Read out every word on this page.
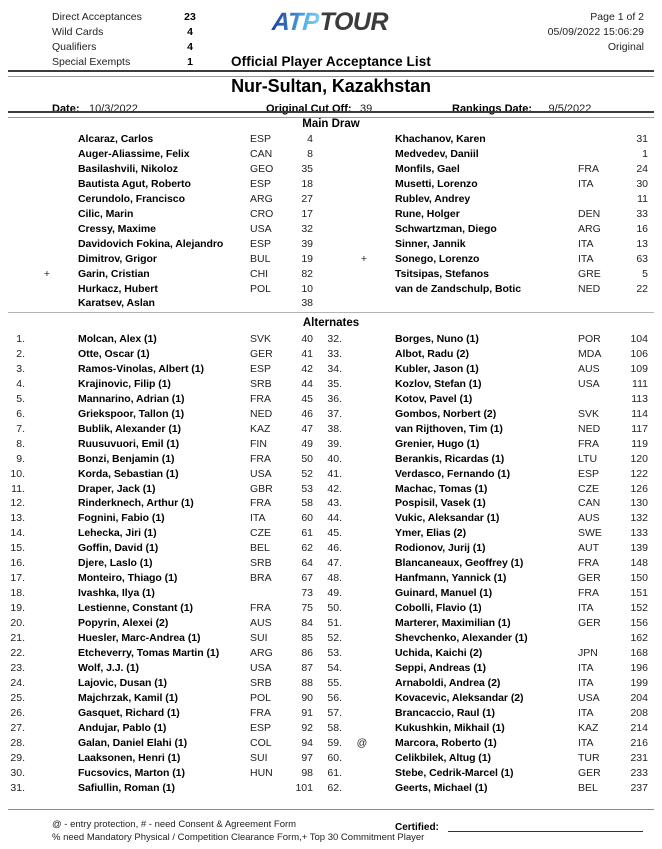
Direct Acceptances	23
Wild Cards	4
Qualifiers	4
Special Exempts	1
ATP TOUR	Page 1 of 2
05/09/2022 15:06:29
Original
Official Player Acceptance List
Nur-Sultan, Kazakhstan
Date: 10/3/2022	Original Cut Off: 39	Rankings Date: 9/5/2022
Main Draw
Alcaraz, Carlos	ESP	4
Auger-Aliassime, Felix	CAN	8
Basilashvili, Nikoloz	GEO	35
Bautista Agut, Roberto	ESP	18
Cerundolo, Francisco	ARG	27
Cilic, Marin	CRO	17
Cressy, Maxime	USA	32
Davidovich Fokina, Alejandro	ESP	39
Dimitrov, Grigor	BUL	19
+	Garin, Cristian	CHI	82
Hurkacz, Hubert	POL	10
Karatsev, Aslan	38
Khachanov, Karen	31
Medvedev, Daniil	1
Monfils, Gael	FRA	24
Musetti, Lorenzo	ITA	30
Rublev, Andrey	11
Rune, Holger	DEN	33
Schwartzman, Diego	ARG	16
Sinner, Jannik	ITA	13
+	Sonego, Lorenzo	ITA	63
Tsitsipas, Stefanos	GRE	5
van de Zandschulp, Botic	NED	22
Alternates
1.	Molcan, Alex (1)	SVK	40
2.	Otte, Oscar (1)	GER	41
3.	Ramos-Vinolas, Albert (1)	ESP	42
4.	Krajinovic, Filip (1)	SRB	44
5.	Mannarino, Adrian (1)	FRA	45
6.	Griekspoor, Tallon (1)	NED	46
7.	Bublik, Alexander (1)	KAZ	47
8.	Ruusuvuori, Emil (1)	FIN	49
9.	Bonzi, Benjamin (1)	FRA	50
10.	Korda, Sebastian (1)	USA	52
11.	Draper, Jack (1)	GBR	53
12.	Rinderknech, Arthur (1)	FRA	58
13.	Fognini, Fabio (1)	ITA	60
14.	Lehecka, Jiri (1)	CZE	61
15.	Goffin, David (1)	BEL	62
16.	Djere, Laslo (1)	SRB	64
17.	Monteiro, Thiago (1)	BRA	67
18.	Ivashka, Ilya (1)	73
19.	Lestienne, Constant (1)	FRA	75
20.	Popyrin, Alexei (2)	AUS	84
21.	Huesler, Marc-Andrea (1)	SUI	85
22.	Etcheverry, Tomas Martin (1)	ARG	86
23.	Wolf, J.J. (1)	USA	87
24.	Lajovic, Dusan (1)	SRB	88
25.	Majchrzak, Kamil (1)	POL	90
26.	Gasquet, Richard (1)	FRA	91
27.	Andujar, Pablo (1)	ESP	92
28.	Galan, Daniel Elahi (1)	COL	94
29.	Laaksonen, Henri (1)	SUI	97
30.	Fucsovics, Marton (1)	HUN	98
31.	Safiullin, Roman (1)	101
32.	Borges, Nuno (1)	POR	104
33.	Albot, Radu (2)	MDA	106
34.	Kubler, Jason (1)	AUS	109
35.	Kozlov, Stefan (1)	USA	111
36.	Kotov, Pavel (1)	113
37.	Gombos, Norbert (2)	SVK	114
38.	van Rijthoven, Tim (1)	NED	117
39.	Grenier, Hugo (1)	FRA	119
40.	Berankis, Ricardas (1)	LTU	120
41.	Verdasco, Fernando (1)	ESP	122
42.	Machac, Tomas (1)	CZE	126
43.	Pospisil, Vasek (1)	CAN	130
44.	Vukic, Aleksandar (1)	AUS	132
45.	Ymer, Elias (2)	SWE	133
46.	Rodionov, Jurij (1)	AUT	139
47.	Blancaneaux, Geoffrey (1)	FRA	148
48.	Hanfmann, Yannick (1)	GER	150
49.	Guinard, Manuel (1)	FRA	151
50.	Cobolli, Flavio (1)	ITA	152
51.	Marterer, Maximilian (1)	GER	156
52.	Shevchenko, Alexander (1)	162
53.	Uchida, Kaichi (2)	JPN	168
54.	Seppi, Andreas (1)	ITA	196
55.	Arnaboldi, Andrea (2)	ITA	199
56.	Kovacevic, Aleksandar (2)	USA	204
57.	Brancaccio, Raul (1)	ITA	208
58.	Kukushkin, Mikhail (1)	KAZ	214
59. @	Marcora, Roberto (1)	ITA	216
60.	Celikbilek, Altug (1)	TUR	231
61.	Stebe, Cedrik-Marcel (1)	GER	233
62.	Geerts, Michael (1)	BEL	237
@ - entry protection, # - need Consent & Agreement Form
% need Mandatory Physical / Competition Clearance Form,+ Top 30 Commitment Player
Certified:
